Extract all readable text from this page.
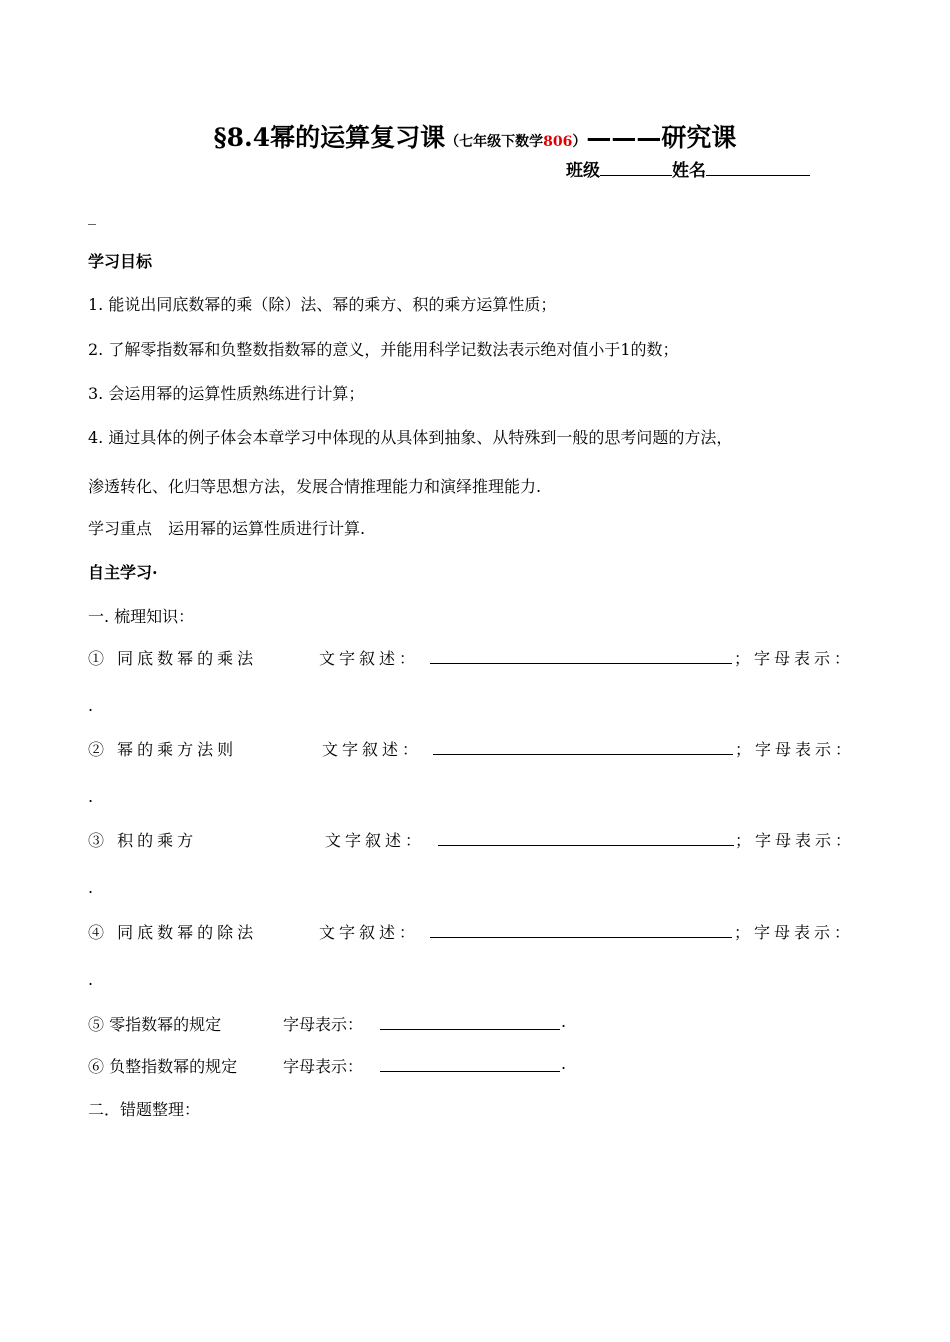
§8.4幂的运算复习课（七年级下数学806）———研究课
班级	姓名
_
学习目标
1. 能说出同底数幂的乘（除）法、幂的乘方、积的乘方运算性质；
2. 了解零指数幂和负整数指数幂的意义，并能用科学记数法表示绝对值小于1的数；
3. 会运用幂的运算性质熟练进行计算；
4. 通过具体的例子体会本章学习中体现的从具体到抽象、从特殊到一般的思考问题的方法，
渗透转化、化归等思想方法，发展合情推理能力和演绎推理能力.
学习重点　运用幂的运算性质进行计算.
自主学习·
一. 梳理知识：
① 同底数幂的乘法	文字叙述：	；字母表示：
.
② 幂的乘方法则	文字叙述：	；字母表示：
.
③ 积的乘方	文字叙述：	；字母表示：
.
④ 同底数幂的除法	文字叙述：	；字母表示：
.
⑤ 零指数幂的规定	字母表示：	.
⑥ 负整指数幂的规定	字母表示：	.
二．错题整理：
